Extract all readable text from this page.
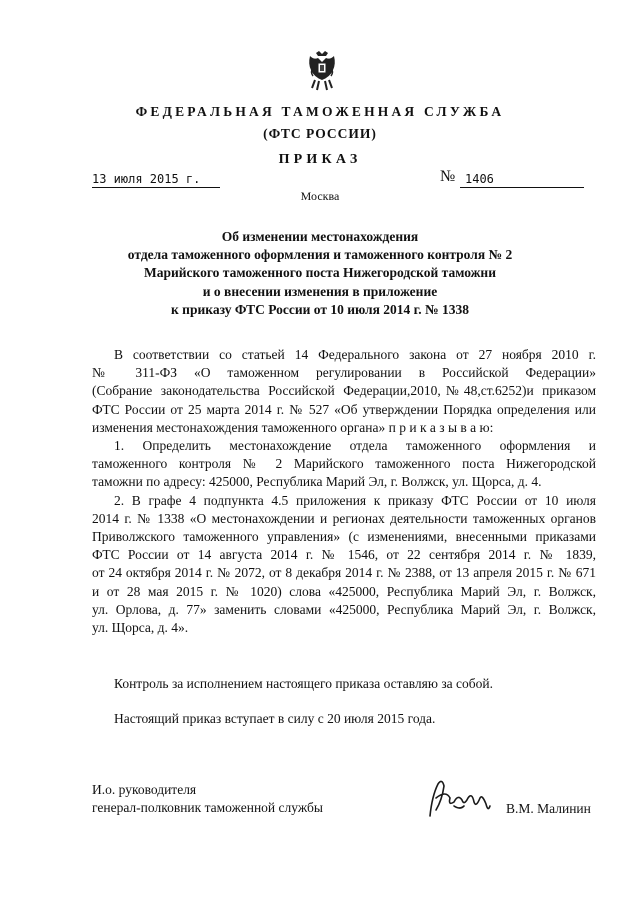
ФЕДЕРАЛЬНАЯ ТАМОЖЕННАЯ СЛУЖБА
(ФТС РОССИИ)
ПРИКАЗ
13 июля 2015 г.	№ 1406
Москва
Об изменении местонахождения
отдела таможенного оформления и таможенного контроля № 2
Марийского таможенного поста Нижегородской таможни
и о внесении изменения в приложение
к приказу ФТС России от 10 июля 2014 г. № 1338
В соответствии со статьей 14 Федерального закона от 27 ноября 2010 г.
№ 311-ФЗ «О таможенном регулировании в Российской Федерации»
(Собрание законодательства Российской Федерации,2010,№48,ст.6252)и приказом
ФТС России от 25 марта 2014 г. № 527 «Об утверждении Порядка определения или
изменения местонахождения таможенного органа» п р и к а з ы в а ю:
1. Определить местонахождение отдела таможенного оформления и
таможенного контроля № 2 Марийского таможенного поста Нижегородской
таможни по адресу: 425000, Республика Марий Эл, г. Волжск, ул. Щорса, д. 4.
2. В графе 4 подпункта 4.5 приложения к приказу ФТС России от 10 июля
2014 г. № 1338 «О местонахождении и регионах деятельности таможенных органов
Приволжского таможенного управления» (с изменениями, внесенными приказами
ФТС России от 14 августа 2014 г. № 1546, от 22 сентября 2014 г. № 1839,
от 24 октября 2014 г. № 2072, от 8 декабря 2014 г. № 2388, от 13 апреля 2015 г. № 671
и от 28 мая 2015 г. № 1020) слова «425000, Республика Марий Эл, г. Волжск,
ул. Орлова, д. 77» заменить словами «425000, Республика Марий Эл, г. Волжск,
ул. Щорса, д. 4».
Контроль за исполнением настоящего приказа оставляю за собой.
Настоящий приказ вступает в силу с 20 июля 2015 года.
И.о. руководителя
генерал-полковник таможенной службы	В.М. Малинин
